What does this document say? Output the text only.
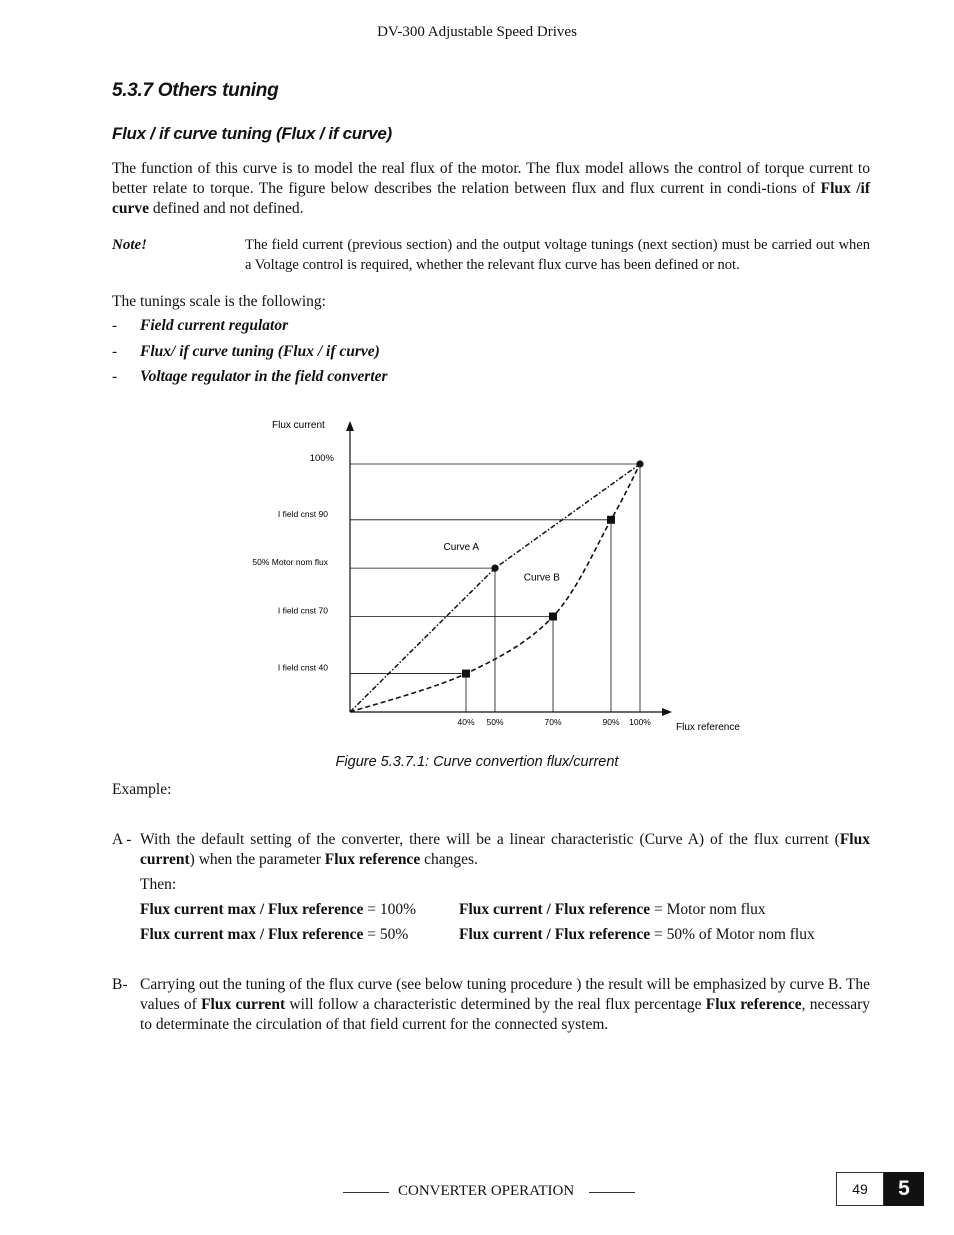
DV-300 Adjustable Speed Drives
5.3.7 Others tuning
Flux / if curve tuning (Flux / if curve)
The function of this curve is to model the real flux of the motor. The flux model allows the control of torque current to better relate to torque. The figure below describes the relation between flux and flux current in condi-tions of Flux /if curve defined and not defined.
Note!	The field current (previous section) and the output voltage tunings (next section) must be carried out when a Voltage control is required, whether the relevant flux curve has been defined or not.
The tunings scale is the following:
- Field current regulator
- Flux/ if curve tuning (Flux / if curve)
- Voltage regulator in the field converter
Flux current
Flux reference
40% 50%	70%	90% 100%
100%
I field cnst 90
50% Motor nom flux
I field cnst 70
I field cnst 40
Curve A
Curve B
Figure 5.3.7.1: Curve convertion flux/current
Example:
A - With the default setting of the converter, there will be a linear characteristic (Curve A) of the flux current (Flux current) when the parameter Flux reference changes.
Then:
Flux current max / Flux reference = 100%	Flux current / Flux reference = Motor nom flux
Flux current max / Flux reference = 50%	Flux current / Flux reference = 50% of Motor nom flux
B- Carrying out the tuning of the flux curve (see below tuning procedure ) the result will be emphasized by curve B. The values of Flux current will follow a characteristic determined by the real flux percentage Flux reference, necessary to determinate the circulation of that field current for the connected system.
CONVERTER OPERATION	49	5
